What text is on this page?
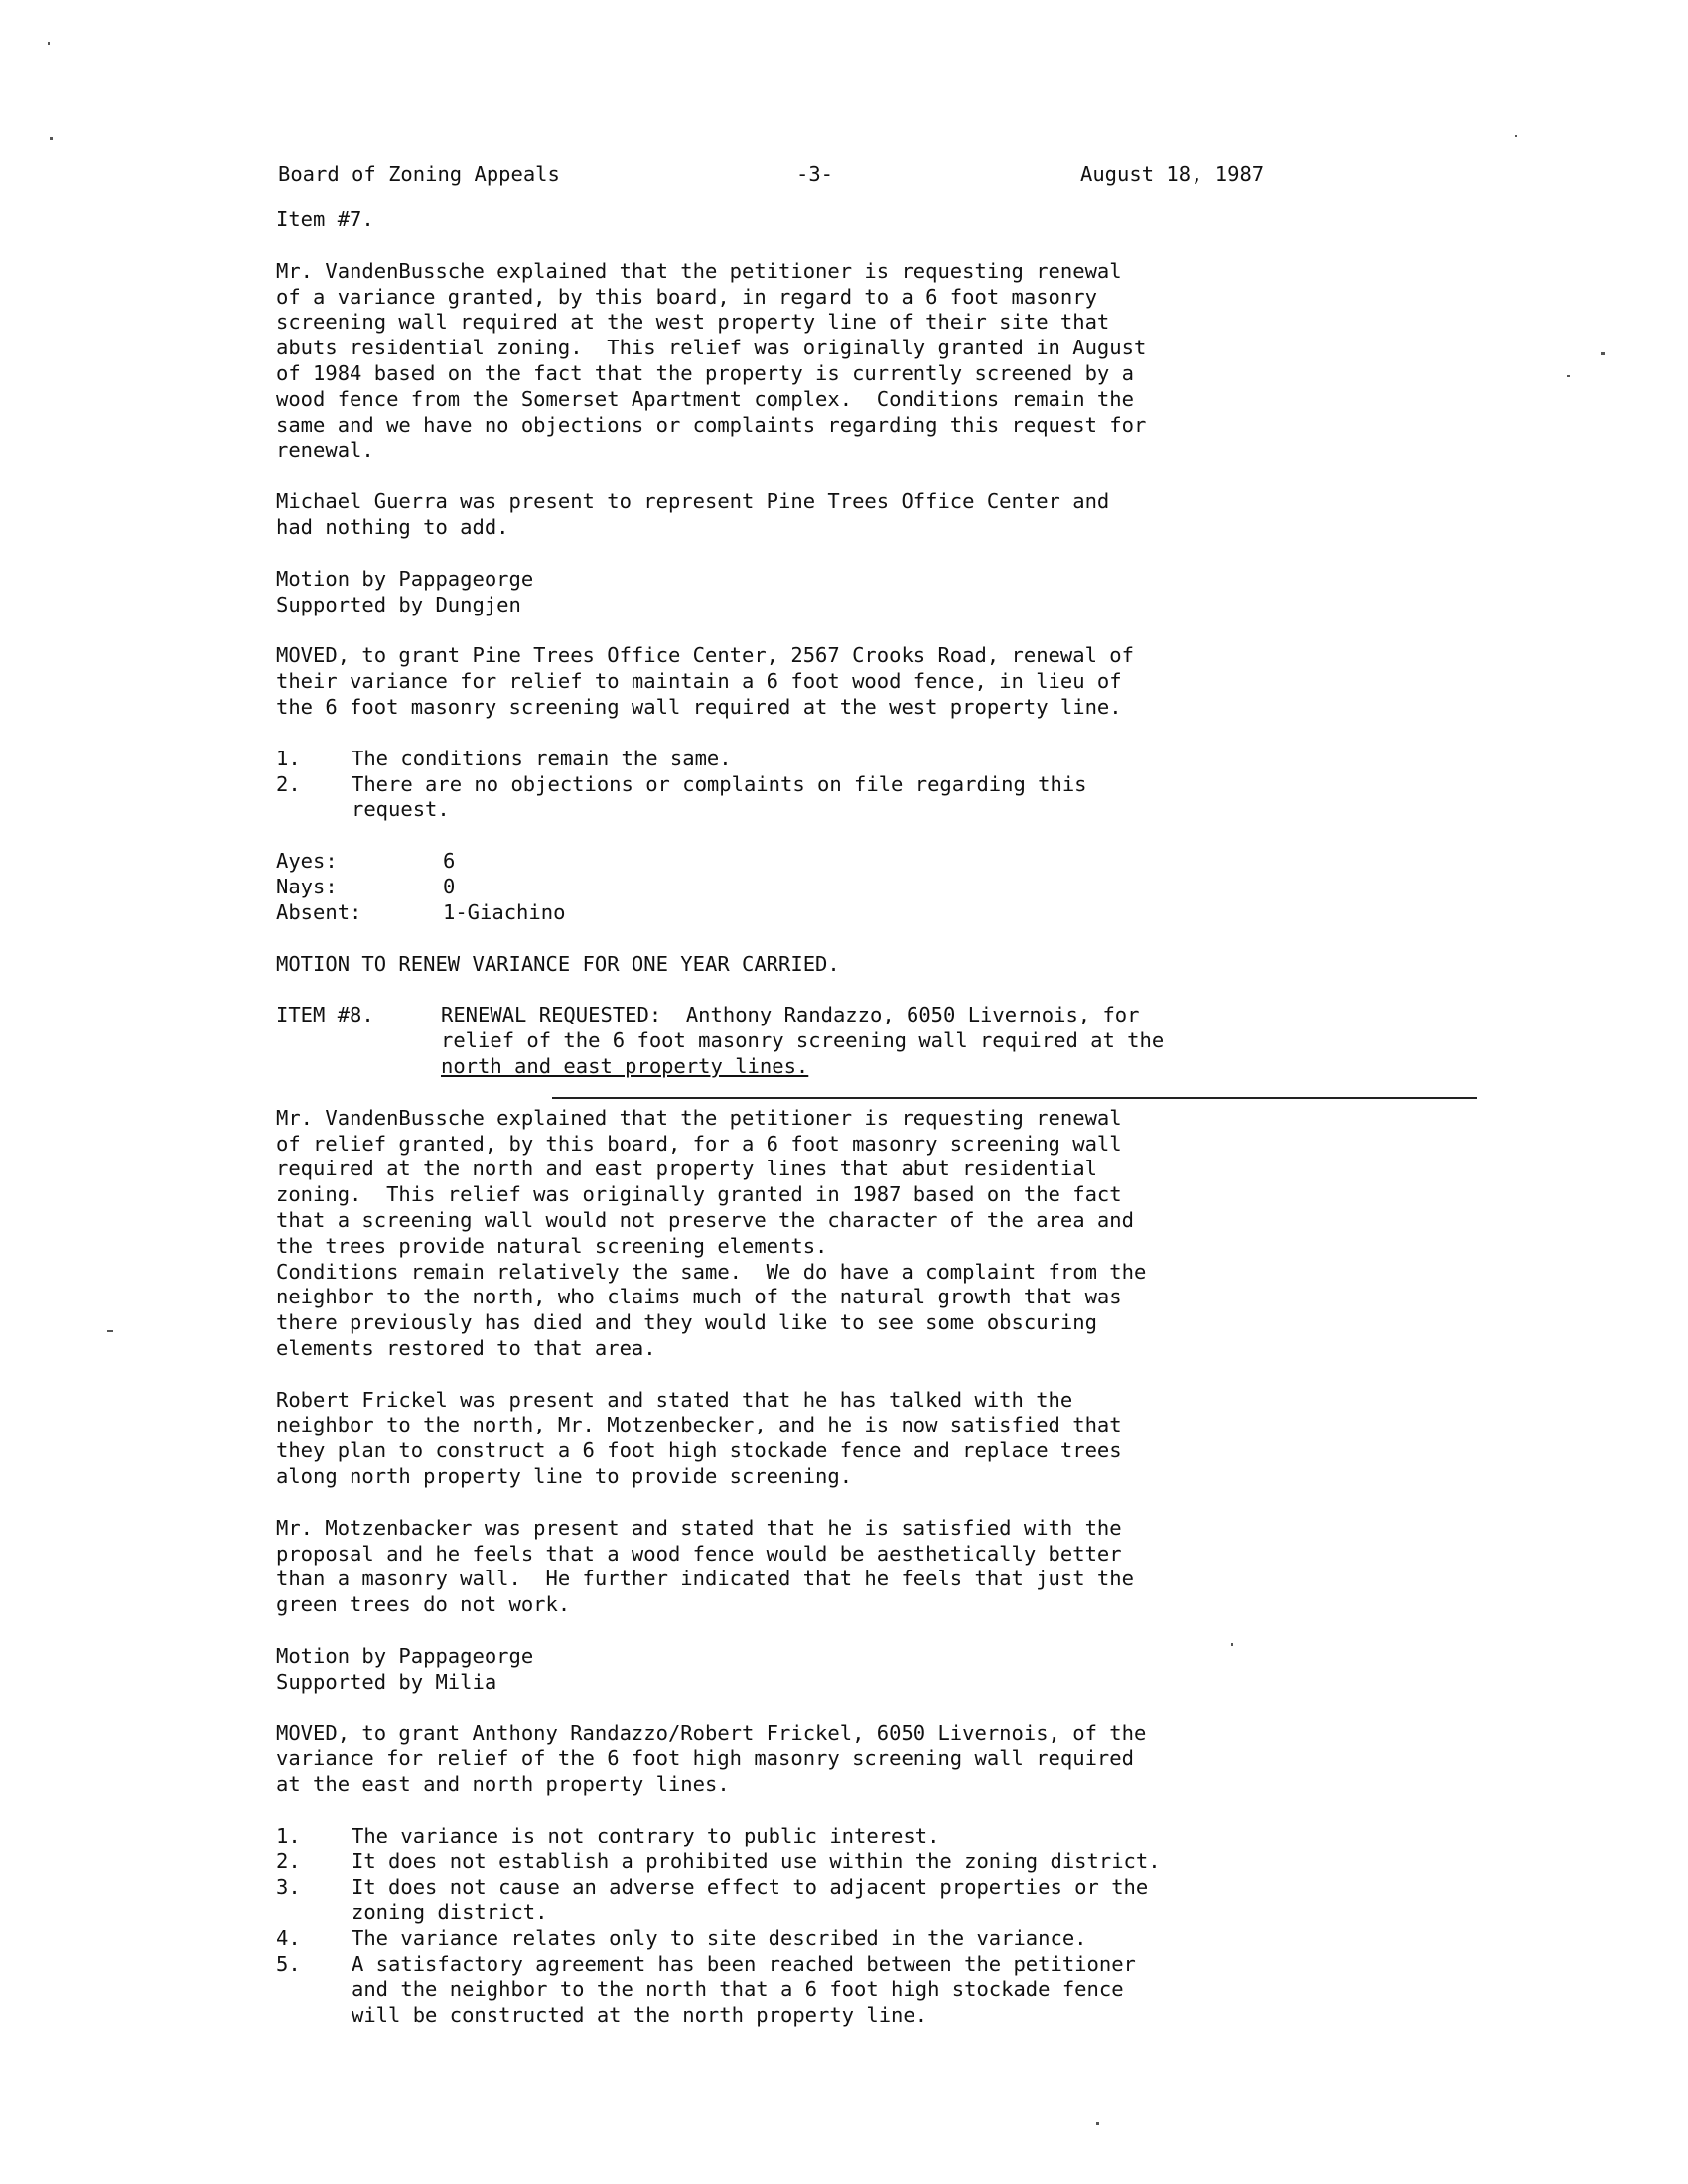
Board of Zoning Appeals	-3-	August 18, 1987

Item #7.

Mr. VandenBussche explained that the petitioner is requesting renewal

of a variance granted, by this board, in regard to a 6 foot masonry

screening wall required at the west property line of their site that

abuts residential zoning.  This relief was originally granted in August

of 1984 based on the fact that the property is currently screened by a

wood fence from the Somerset Apartment complex.  Conditions remain the

same and we have no objections or complaints regarding this request for

renewal.

Michael Guerra was present to represent Pine Trees Office Center and

had nothing to add.

Motion by Pappageorge

Supported by Dungjen

MOVED, to grant Pine Trees Office Center, 2567 Crooks Road, renewal of

their variance for relief to maintain a 6 foot wood fence, in lieu of

the 6 foot masonry screening wall required at the west property line.

1.	The conditions remain the same.
2.	There are no objections or complaints on file regarding this
request.
Ayes:	6
Nays:	0
Absent:	1-Giachino

MOTION TO RENEW VARIANCE FOR ONE YEAR CARRIED.

ITEM #8.	RENEWAL REQUESTED:  Anthony Randazzo, 6050 Livernois, for
relief of the 6 foot masonry screening wall required at the
north and east property lines.

Mr. VandenBussche explained that the petitioner is requesting renewal

of relief granted, by this board, for a 6 foot masonry screening wall

required at the north and east property lines that abut residential

zoning.  This relief was originally granted in 1987 based on the fact

that a screening wall would not preserve the character of the area and

the trees provide natural screening elements.

Conditions remain relatively the same.  We do have a complaint from the

neighbor to the north, who claims much of the natural growth that was

there previously has died and they would like to see some obscuring

elements restored to that area.

Robert Frickel was present and stated that he has talked with the

neighbor to the north, Mr. Motzenbecker, and he is now satisfied that

they plan to construct a 6 foot high stockade fence and replace trees

along north property line to provide screening.

Mr. Motzenbacker was present and stated that he is satisfied with the

proposal and he feels that a wood fence would be aesthetically better

than a masonry wall.  He further indicated that he feels that just the

green trees do not work.

Motion by Pappageorge

Supported by Milia

MOVED, to grant Anthony Randazzo/Robert Frickel, 6050 Livernois, of the

variance for relief of the 6 foot high masonry screening wall required

at the east and north property lines.

1.	The variance is not contrary to public interest.
2.	It does not establish a prohibited use within the zoning district.
3.	It does not cause an adverse effect to adjacent properties or the
zoning district.
4.	The variance relates only to site described in the variance.
5.	A satisfactory agreement has been reached between the petitioner
and the neighbor to the north that a 6 foot high stockade fence
will be constructed at the north property line.
